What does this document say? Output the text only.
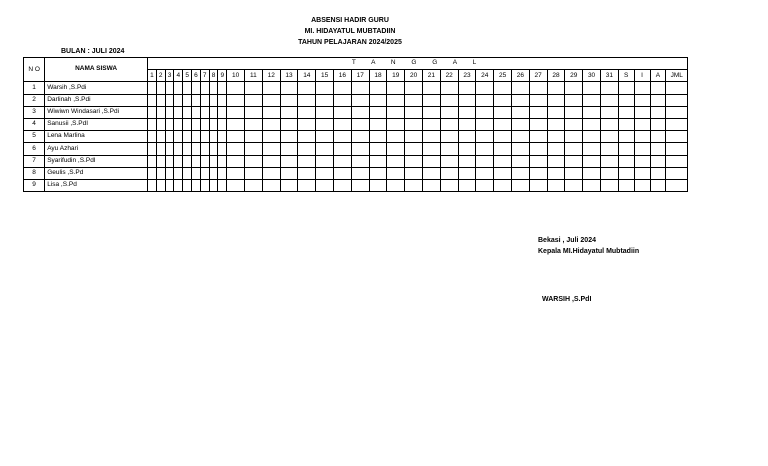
ABSENSI HADIR GURU
MI. HIDAYATUL MUBTADIIN
TAHUN PELAJARAN 2024/2025
BULAN : JULI 2024
N O	NAMA SISWA	T A N G G A L																																		
		1	2	3	4	5	6	7	8	9	10	11	12	13	14	15	16	17	18	19	20	21	22	23	24	25	26	27	28	29	30	31	S	I	A	JML
1	Warsih ,S.Pdi																																			
2	Darlinah ,S.Pdi																																			
3	Wiwiwn Windasari ,S.Pdi																																			
4	Sanusii ,S.PdI																																			
5	Lena Marlina																																			
6	Ayu Azhari																																			
7	Syarifudin ,S.PdI																																			
8	Geulis ,S.Pd																																			
9	Lisa ,S.Pd																																			
Bekasi , Juli 2024
Kepala MI.Hidayatul Mubtadiin
WARSIH ,S.PdI
